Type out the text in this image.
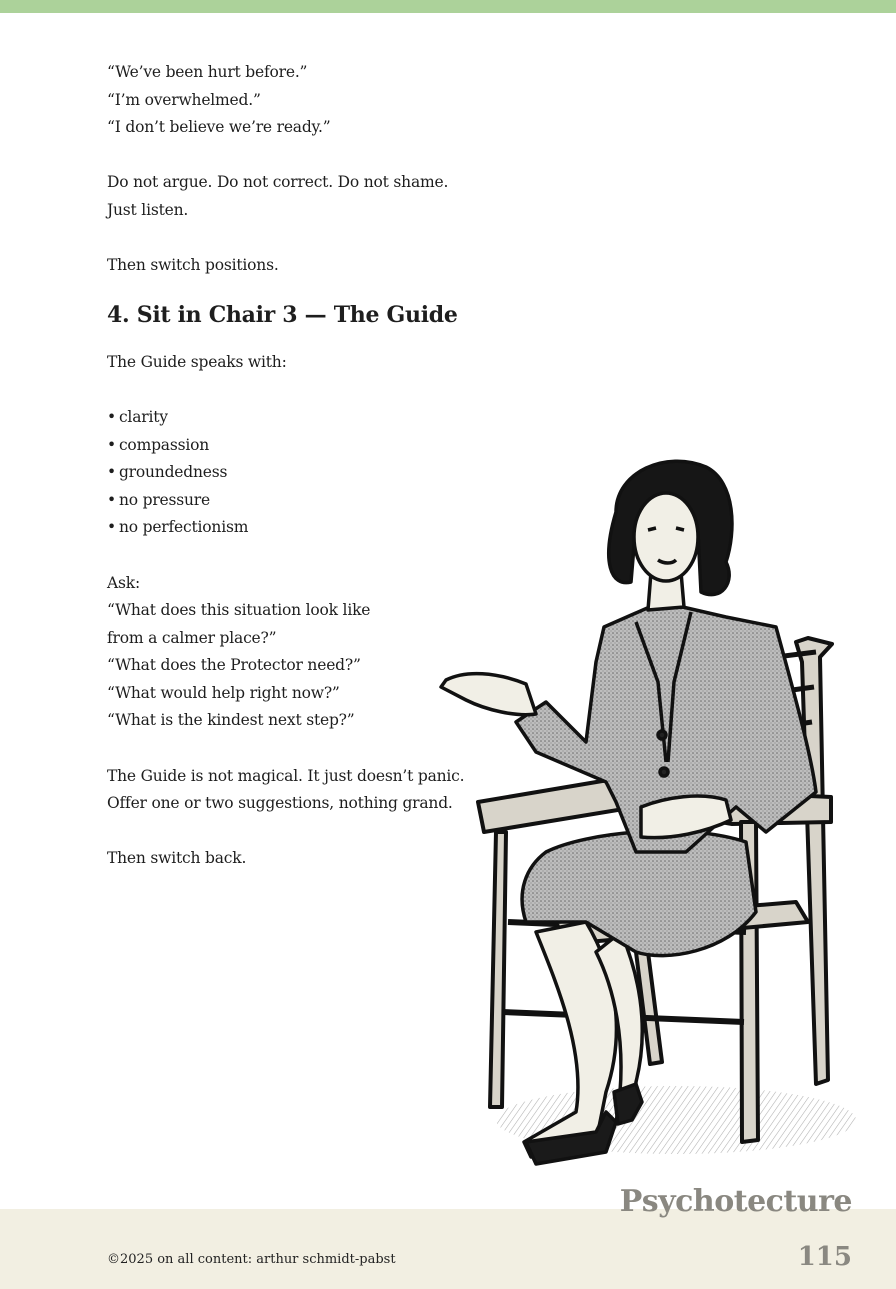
“We’ve been hurt before.”
“I’m overwhelmed.”
“I don’t believe we’re ready.”
Do not argue. Do not correct. Do not shame.
Just listen.
Then switch positions.
4. Sit in Chair 3 — The Guide
The Guide speaks with:
• clarity
• compassion
• groundedness
• no pressure
• no perfectionism
Ask:
“What does this situation look like
from a calmer place?”
“What does the Protector need?”
“What would help right now?”
“What is the kindest next step?”
The Guide is not magical. It just doesn’t panic.
Offer one or two suggestions, nothing grand.
Then switch back.
©2025 on all content: arthur schmidt-pabst
Psychotecture
115
